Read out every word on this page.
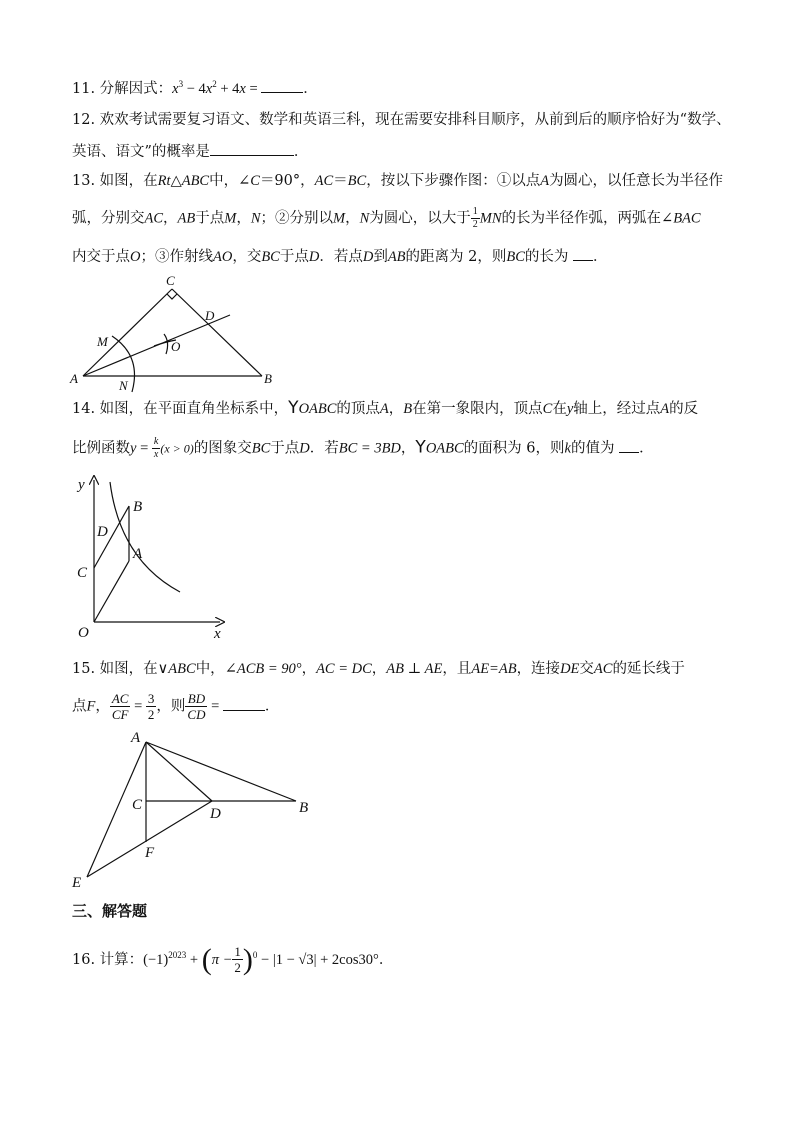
11. 分解因式：$x^3 - 4x^2 + 4x$ =	．
12. 欢欢考试需要复习语文、数学和英语三科，现在需要安排科目顺序，从前到后的顺序恰好为“数学、
英语、语文”的概率是	．
13. 如图，在Rt△ABC中，∠C＝90°，AC＝BC，按以下步骤作图：①以点A为圆心，以任意长为半径作
弧，分别交AC，AB于点M，N；②分别以M，N为圆心，以大于 $\frac{1}{2}$ MN的长为半径作弧，两弧在∠BAC
内交于点O；③作射线AO，交BC于点D．若点D到AB的距离为 2，则BC的长为 ．
C
M
A	N
D
O
B
14. 如图，在平面直角坐标系中，YOABC的顶点A，B在第一象限内，顶点C在y轴上，经过点A的反
比例函数$y = \frac{k}{x} (x > 0)$的图象交BC于点D．若BC = 3BD，YOABC的面积为 6，则k的值为 ．
y
x
O
C
D
B
A
15. 如图，在∨ABC中，∠ACB = 90°，AC = DC，AB ⊥ AE，且AE=AB，连接DE交AC的延长线于
点F， $\frac{AC}{CF} = \frac{3}{2}$ ，则 $\frac{BD}{CD}$ =	．
A
C
D	B
F
E
三、解答题
16. 计算：$(-1)^{2023} + (\pi - \frac{1}{2} )^0 - |1 - √3| + 2\cos 30^\circ$．
